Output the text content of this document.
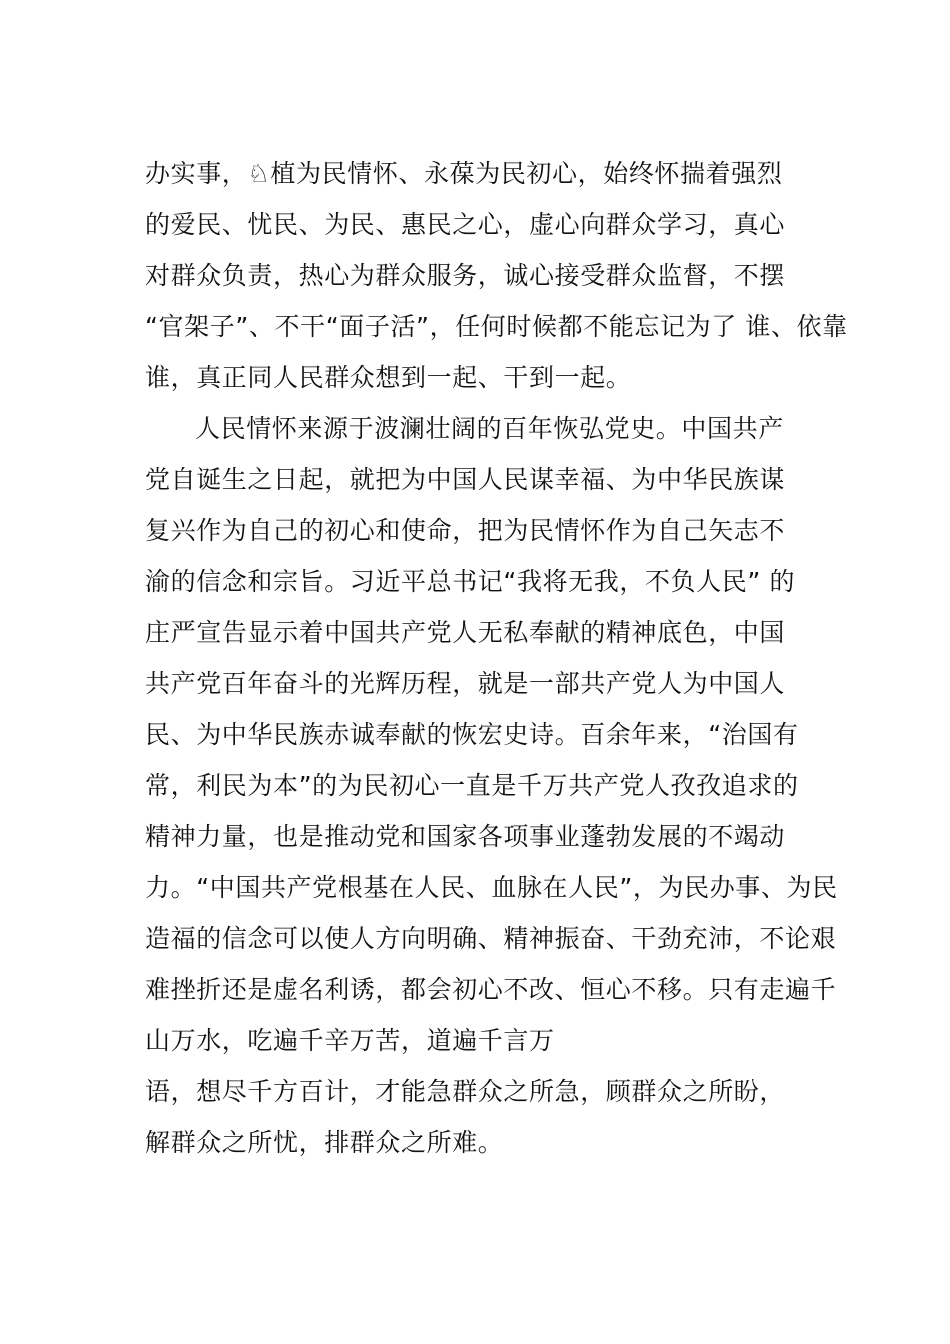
办实事，♘植为民情怀、永葆为民初心，始终怀揣着强烈
的爱民、忧民、为民、惠民之心，虚心向群众学习，真心
对群众负责，热心为群众服务，诚心接受群众监督，不摆
“官架子”、不干“面子活”，任何时候都不能忘记为了 谁、依靠
谁，真正同人民群众想到一起、干到一起。
人民情怀来源于波澜壮阔的百年恢弘党史。中国共产
党自诞生之日起，就把为中国人民谋幸福、为中华民族谋
复兴作为自己的初心和使命，把为民情怀作为自己矢志不
渝的信念和宗旨。习近平总书记“我将无我，不负人民” 的
庄严宣告显示着中国共产党人无私奉献的精神底色，中国
共产党百年奋斗的光辉历程，就是一部共产党人为中国人
民、为中华民族赤诚奉献的恢宏史诗。百余年来，“治国有
常，利民为本”的为民初心一直是千万共产党人孜孜追求的
精神力量，也是推动党和国家各项事业蓬勃发展的不竭动
力。“中国共产党根基在人民、血脉在人民”，为民办事、为民
造福的信念可以使人方向明确、精神振奋、干劲充沛，不论艰
难挫折还是虚名利诱，都会初心不改、恒心不移。只有走遍千
山万水，吃遍千辛万苦，道遍千言万
语，想尽千方百计，才能急群众之所急，顾群众之所盼，
解群众之所忧，排群众之所难。
